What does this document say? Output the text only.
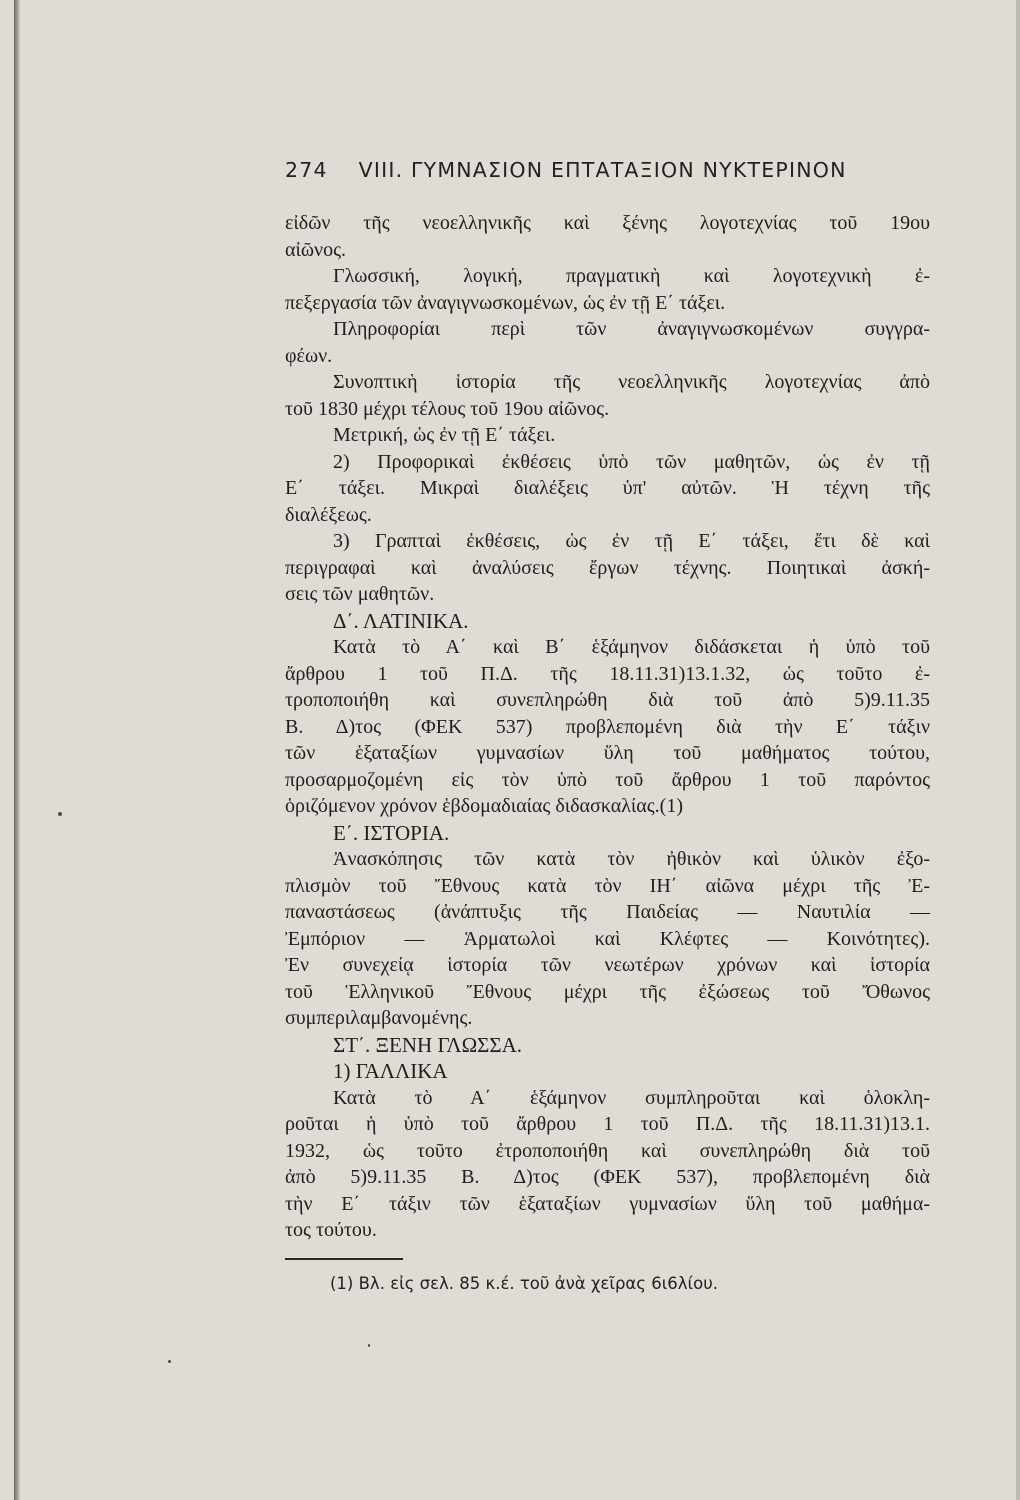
274 VIII. ΓΥΜΝΑΣΙΟΝ ΕΠΤΑΤΑΞΙΟΝ ΝΥΚΤΕΡΙΝΟΝ
εἰδῶν τῆς νεοελληνικῆς καὶ ξένης λογοτεχνίας τοῦ 19ου
αἰῶνος.
Γλωσσική, λογική, πραγματικὴ καὶ λογοτεχνικὴ ἐ-
πεξεργασία τῶν ἀναγιγνωσκομένων, ὡς ἐν τῇ Ε΄ τάξει.
Πληροφορίαι περὶ τῶν ἀναγιγνωσκομένων συγγρα-
φέων.
Συνοπτικὴ ἱστορία τῆς νεοελληνικῆς λογοτεχνίας ἀπὸ
τοῦ 1830 μέχρι τέλους τοῦ 19ου αἰῶνος.
Μετρική, ὡς ἐν τῇ Ε΄ τάξει.
2) Προφορικαὶ ἐκθέσεις ὑπὸ τῶν μαθητῶν, ὡς ἐν τῇ
Ε΄ τάξει. Μικραὶ διαλέξεις ὑπ' αὐτῶν. Ἡ τέχνη τῆς
διαλέξεως.
3) Γραπταὶ ἐκθέσεις, ὡς ἐν τῇ Ε΄ τάξει, ἔτι δὲ καὶ
περιγραφαὶ καὶ ἀναλύσεις ἔργων τέχνης. Ποιητικαὶ ἀσκή-
σεις τῶν μαθητῶν.
Δ΄. ΛΑΤΙΝΙΚΑ.
Κατὰ τὸ Α΄ καὶ Β΄ ἑξάμηνον διδάσκεται ἡ ὑπὸ τοῦ
ἄρθρου 1 τοῦ Π.Δ. τῆς 18.11.31)13.1.32, ὡς τοῦτο ἐ-
τροποποιήθη καὶ συνεπληρώθη διὰ τοῦ ἀπὸ 5)9.11.35
Β. Δ)τος (ΦΕΚ 537) προβλεπομένη διὰ τὴν Ε΄ τάξιν
τῶν ἑξαταξίων γυμνασίων ὕλη τοῦ μαθήματος τούτου,
προσαρμοζομένη εἰς τὸν ὑπὸ τοῦ ἄρθρου 1 τοῦ παρόντος
ὁριζόμενον χρόνον ἑβδομαδιαίας διδασκαλίας.(1)
Ε΄. ΙΣΤΟΡΙΑ.
Ἀνασκόπησις τῶν κατὰ τὸν ἠθικὸν καὶ ὑλικὸν ἐξο-
πλισμὸν τοῦ Ἔθνους κατὰ τὸν ΙΗ΄ αἰῶνα μέχρι τῆς Ἐ-
παναστάσεως (ἀνάπτυξις τῆς Παιδείας — Ναυτιλία —
Ἐμπόριον — Ἁρματωλοὶ καὶ Κλέφτες — Κοινότητες).
Ἐν συνεχείᾳ ἱστορία τῶν νεωτέρων χρόνων καὶ ἱστορία
τοῦ Ἑλληνικοῦ Ἔθνους μέχρι τῆς ἐξώσεως τοῦ Ὄθωνος
συμπεριλαμβανομένης.
ΣΤ΄. ΞΕΝΗ ΓΛΩΣΣΑ.
1) ΓΑΛΛΙΚΑ
Κατὰ τὸ Α΄ ἑξάμηνον συμπληροῦται καὶ ὁλοκλη-
ροῦται ἡ ὑπὸ τοῦ ἄρθρου 1 τοῦ Π.Δ. τῆς 18.11.31)13.1.
1932, ὡς τοῦτο ἐτροποποιήθη καὶ συνεπληρώθη διὰ τοῦ
ἀπὸ 5)9.11.35 Β. Δ)τος (ΦΕΚ 537), προβλεπομένη διὰ
τὴν Ε΄ τάξιν τῶν ἑξαταξίων γυμνασίων ὕλη τοῦ μαθήμα-
τος τούτου.
(1) Βλ. εἰς σελ. 85 κ.έ. τοῦ ἀνὰ χεῖρας 6ι6λίου.
